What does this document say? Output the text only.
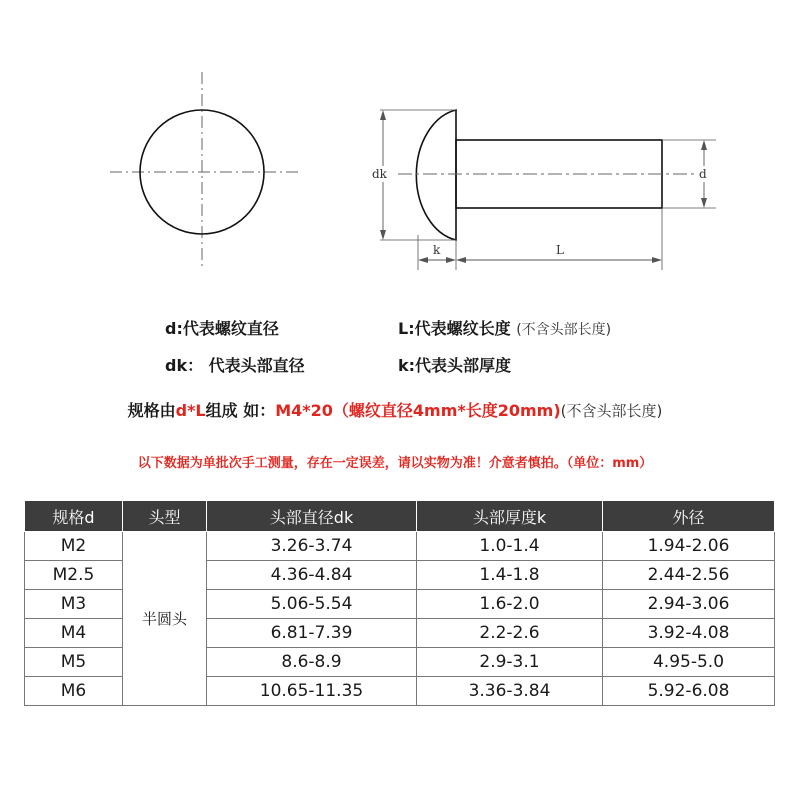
dk	d
k	L
d:代表螺纹直径	L:代表螺纹长度 (不含头部长度)
dk： 代表头部直径	k:代表头部厚度
规格由d*L组成 如：M4*20（螺纹直径4mm*长度20mm)(不含头部长度)
以下数据为单批次手工测量，存在一定误差，请以实物为准！介意者慎拍。（单位：mm）
规格d	头型	头部直径dk	头部厚度k	外径
M2	半圆头	3.26-3.74	1.0-1.4	1.94-2.06
M2.5		4.36-4.84	1.4-1.8	2.44-2.56
M3		5.06-5.54	1.6-2.0	2.94-3.06
M4		6.81-7.39	2.2-2.6	3.92-4.08
M5		8.6-8.9	2.9-3.1	4.95-5.0
M6		10.65-11.35	3.36-3.84	5.92-6.08
